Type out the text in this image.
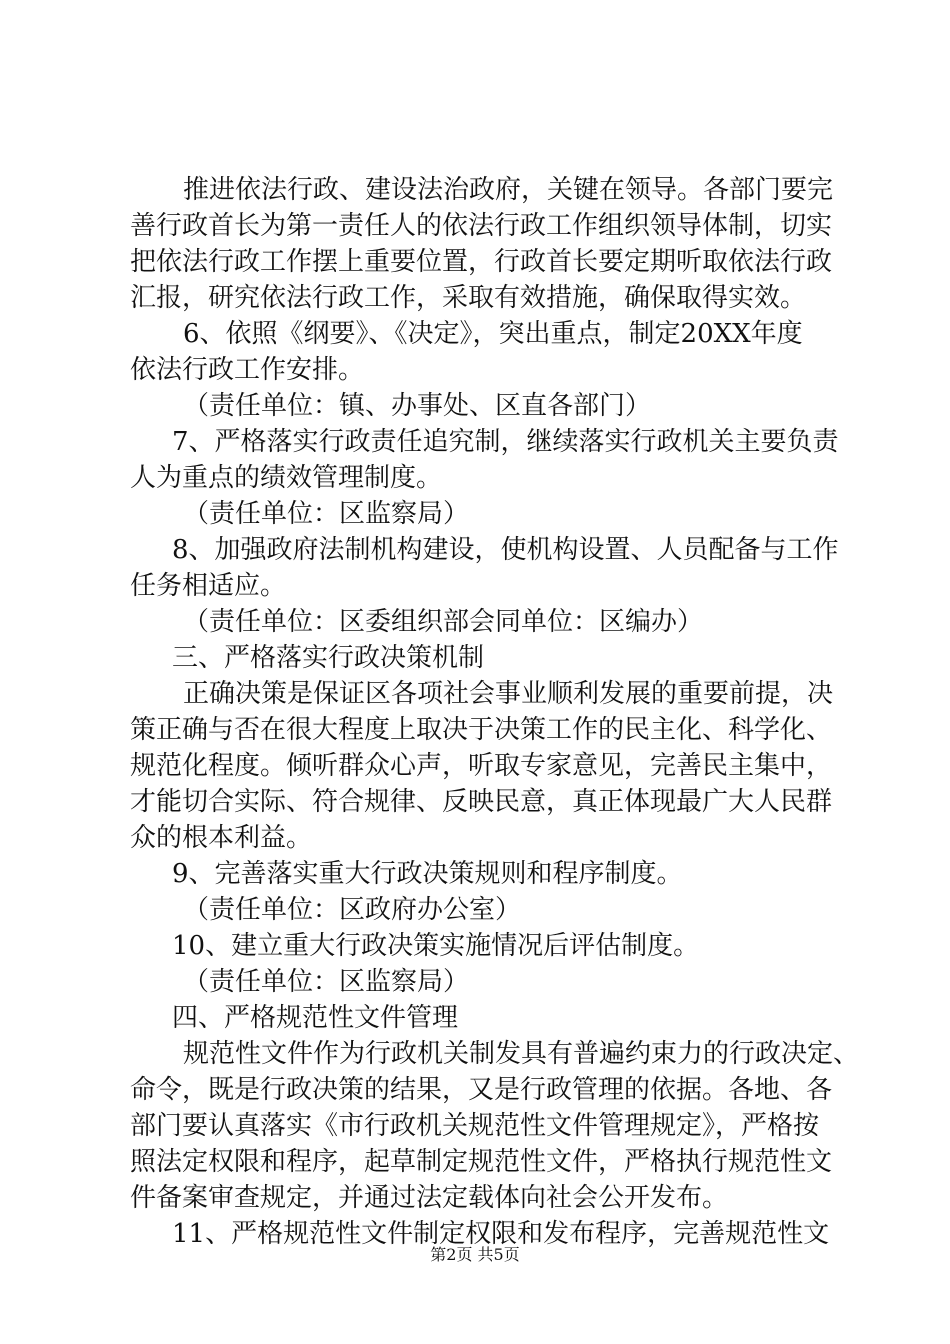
推进依法行政、建设法治政府，关键在领导。各部门要完
善行政首长为第一责任人的依法行政工作组织领导体制，切实
把依法行政工作摆上重要位置，行政首长要定期听取依法行政
汇报，研究依法行政工作，采取有效措施，确保取得实效。
6、依照《纲要》、《决定》，突出重点，制定20XX年度
依法行政工作安排。
（责任单位：镇、办事处、区直各部门）
7、严格落实行政责任追究制，继续落实行政机关主要负责
人为重点的绩效管理制度。
（责任单位：区监察局）
8、加强政府法制机构建设，使机构设置、人员配备与工作
任务相适应。
（责任单位：区委组织部会同单位：区编办）
三、严格落实行政决策机制
正确决策是保证区各项社会事业顺利发展的重要前提，决
策正确与否在很大程度上取决于决策工作的民主化、科学化、
规范化程度。倾听群众心声，听取专家意见，完善民主集中，
才能切合实际、符合规律、反映民意，真正体现最广大人民群
众的根本利益。
9、完善落实重大行政决策规则和程序制度。
（责任单位：区政府办公室）
10、建立重大行政决策实施情况后评估制度。
（责任单位：区监察局）
四、严格规范性文件管理
规范性文件作为行政机关制发具有普遍约束力的行政决定、
命令，既是行政决策的结果，又是行政管理的依据。各地、各
部门要认真落实《市行政机关规范性文件管理规定》，严格按
照法定权限和程序，起草制定规范性文件，严格执行规范性文
件备案审查规定，并通过法定载体向社会公开发布。
11、严格规范性文件制定权限和发布程序，完善规范性文
第2页 共5页
